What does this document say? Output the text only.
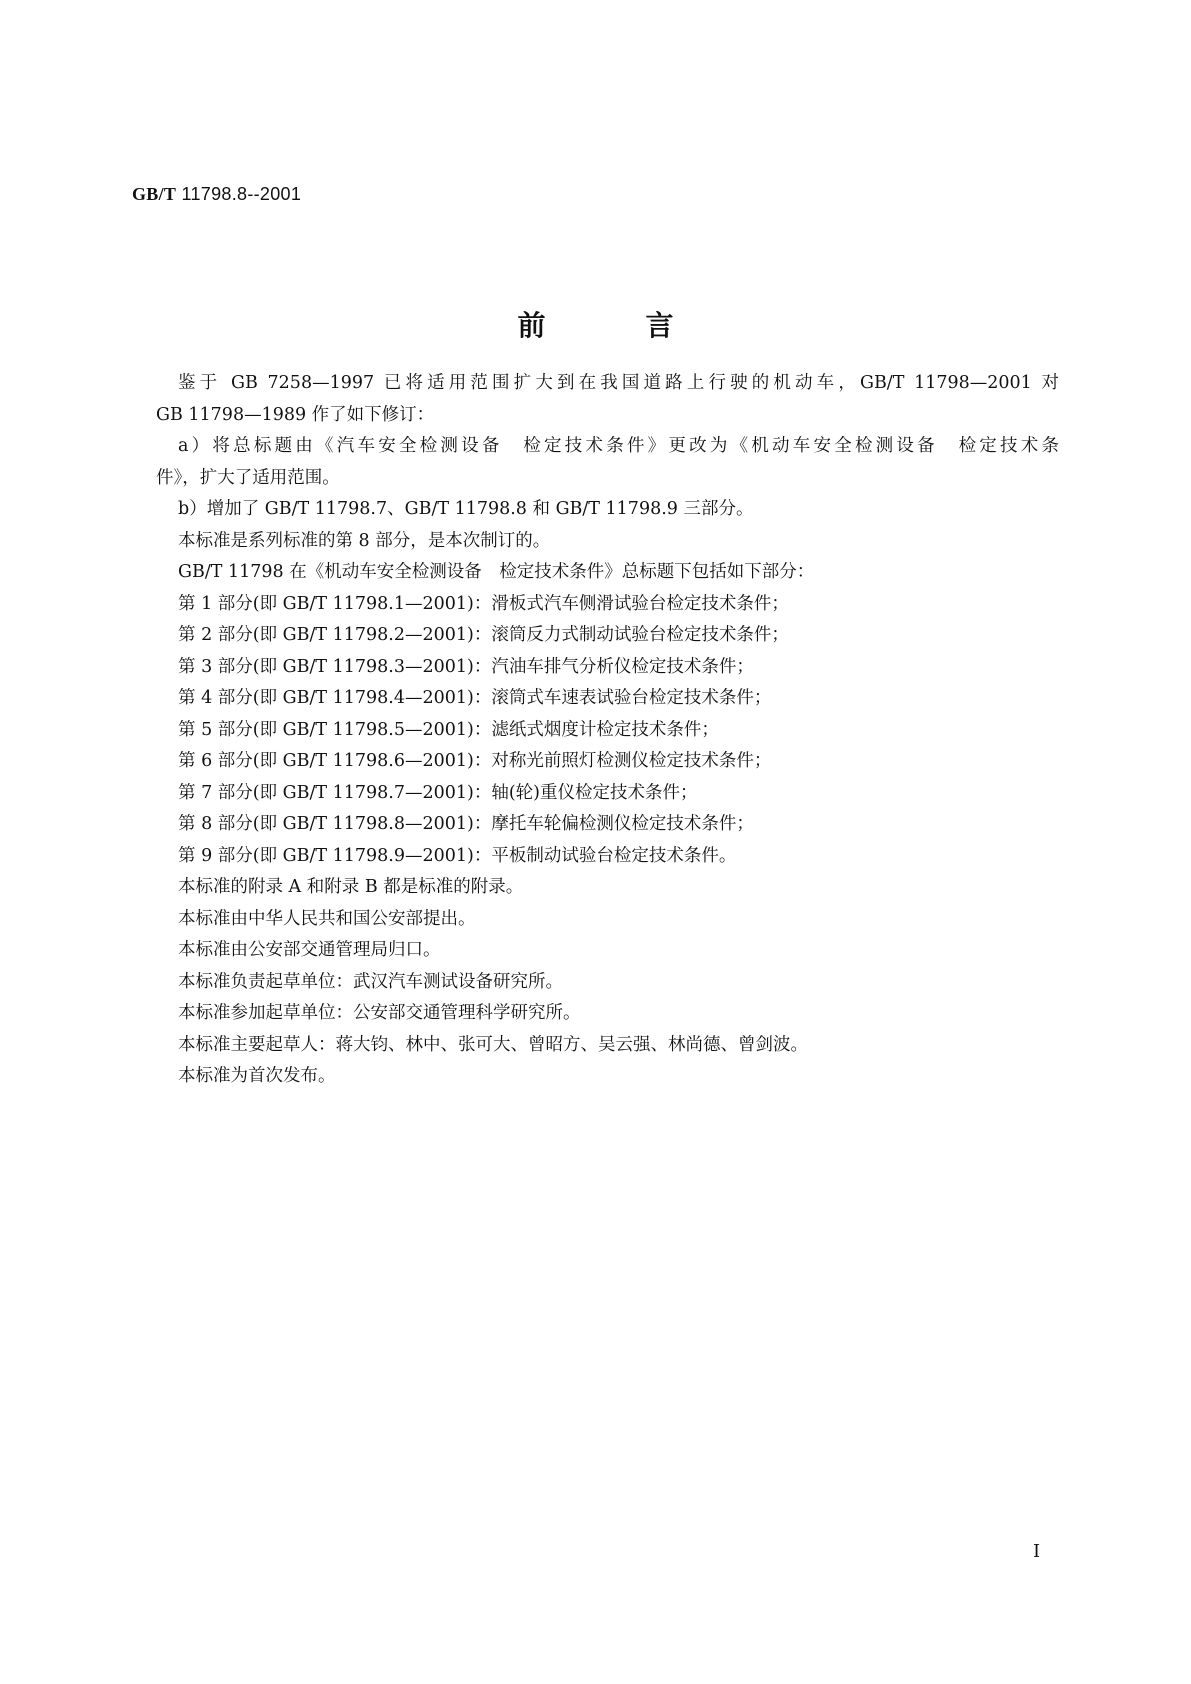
GB/T 11798.8--2001
前言
鉴于 GB 7258—1997 已将适用范围扩大到在我国道路上行驶的机动车，GB/T 11798—2001 对
GB 11798—1989 作了如下修订：
a）将总标题由《汽车安全检测设备　检定技术条件》更改为《机动车安全检测设备　检定技术条
件》，扩大了适用范围。
b）增加了 GB/T 11798.7、GB/T 11798.8 和 GB/T 11798.9 三部分。
本标准是系列标准的第 8 部分，是本次制订的。
GB/T 11798 在《机动车安全检测设备　检定技术条件》总标题下包括如下部分：
第 1 部分(即 GB/T 11798.1—2001)：滑板式汽车侧滑试验台检定技术条件；
第 2 部分(即 GB/T 11798.2—2001)：滚筒反力式制动试验台检定技术条件；
第 3 部分(即 GB/T 11798.3—2001)：汽油车排气分析仪检定技术条件；
第 4 部分(即 GB/T 11798.4—2001)：滚筒式车速表试验台检定技术条件；
第 5 部分(即 GB/T 11798.5—2001)：滤纸式烟度计检定技术条件；
第 6 部分(即 GB/T 11798.6—2001)：对称光前照灯检测仪检定技术条件；
第 7 部分(即 GB/T 11798.7—2001)：轴(轮)重仪检定技术条件；
第 8 部分(即 GB/T 11798.8—2001)：摩托车轮偏检测仪检定技术条件；
第 9 部分(即 GB/T 11798.9—2001)：平板制动试验台检定技术条件。
本标准的附录 A 和附录 B 都是标准的附录。
本标准由中华人民共和国公安部提出。
本标准由公安部交通管理局归口。
本标准负责起草单位：武汉汽车测试设备研究所。
本标准参加起草单位：公安部交通管理科学研究所。
本标准主要起草人：蒋大钧、林中、张可大、曾昭方、吴云强、林尚德、曾剑波。
本标准为首次发布。
I
